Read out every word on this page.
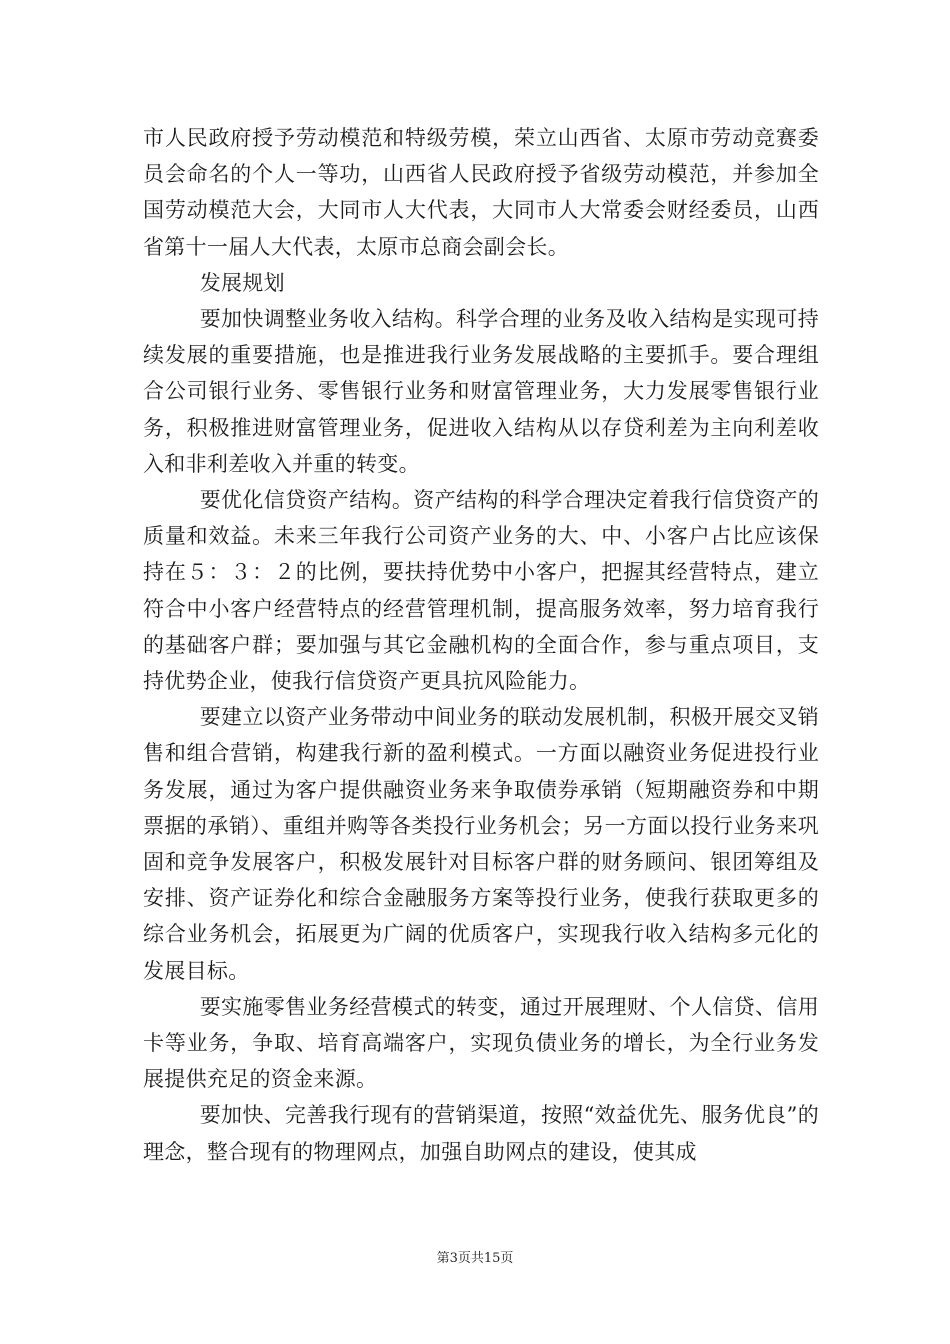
市人民政府授予劳动模范和特级劳模，荣立山西省、太原市劳动竞赛委员会命名的个人一等功，山西省人民政府授予省级劳动模范，并参加全国劳动模范大会，大同市人大代表，大同市人大常委会财经委员，山西省第十一届人大代表，太原市总商会副会长。

发展规划

要加快调整业务收入结构。科学合理的业务及收入结构是实现可持续发展的重要措施，也是推进我行业务发展战略的主要抓手。要合理组合公司银行业务、零售银行业务和财富管理业务，大力发展零售银行业务，积极推进财富管理业务，促进收入结构从以存贷利差为主向利差收入和非利差收入并重的转变。

要优化信贷资产结构。资产结构的科学合理决定着我行信贷资产的质量和效益。未来三年我行公司资产业务的大、中、小客户占比应该保持在５：３：２的比例，要扶持优势中小客户，把握其经营特点，建立符合中小客户经营特点的经营管理机制，提高服务效率，努力培育我行的基础客户群；要加强与其它金融机构的全面合作，参与重点项目，支持优势企业，使我行信贷资产更具抗风险能力。

要建立以资产业务带动中间业务的联动发展机制，积极开展交叉销售和组合营销，构建我行新的盈利模式。一方面以融资业务促进投行业务发展，通过为客户提供融资业务来争取债券承销（短期融资券和中期票据的承销）、重组并购等各类投行业务机会；另一方面以投行业务来巩固和竞争发展客户，积极发展针对目标客户群的财务顾问、银团筹组及安排、资产证券化和综合金融服务方案等投行业务，使我行获取更多的综合业务机会，拓展更为广阔的优质客户，实现我行收入结构多元化的发展目标。

要实施零售业务经营模式的转变，通过开展理财、个人信贷、信用卡等业务，争取、培育高端客户，实现负债业务的增长，为全行业务发展提供充足的资金来源。

要加快、完善我行现有的营销渠道，按照“效益优先、服务优良”的理念，整合现有的物理网点，加强自助网点的建设，使其成

第3页共15页
